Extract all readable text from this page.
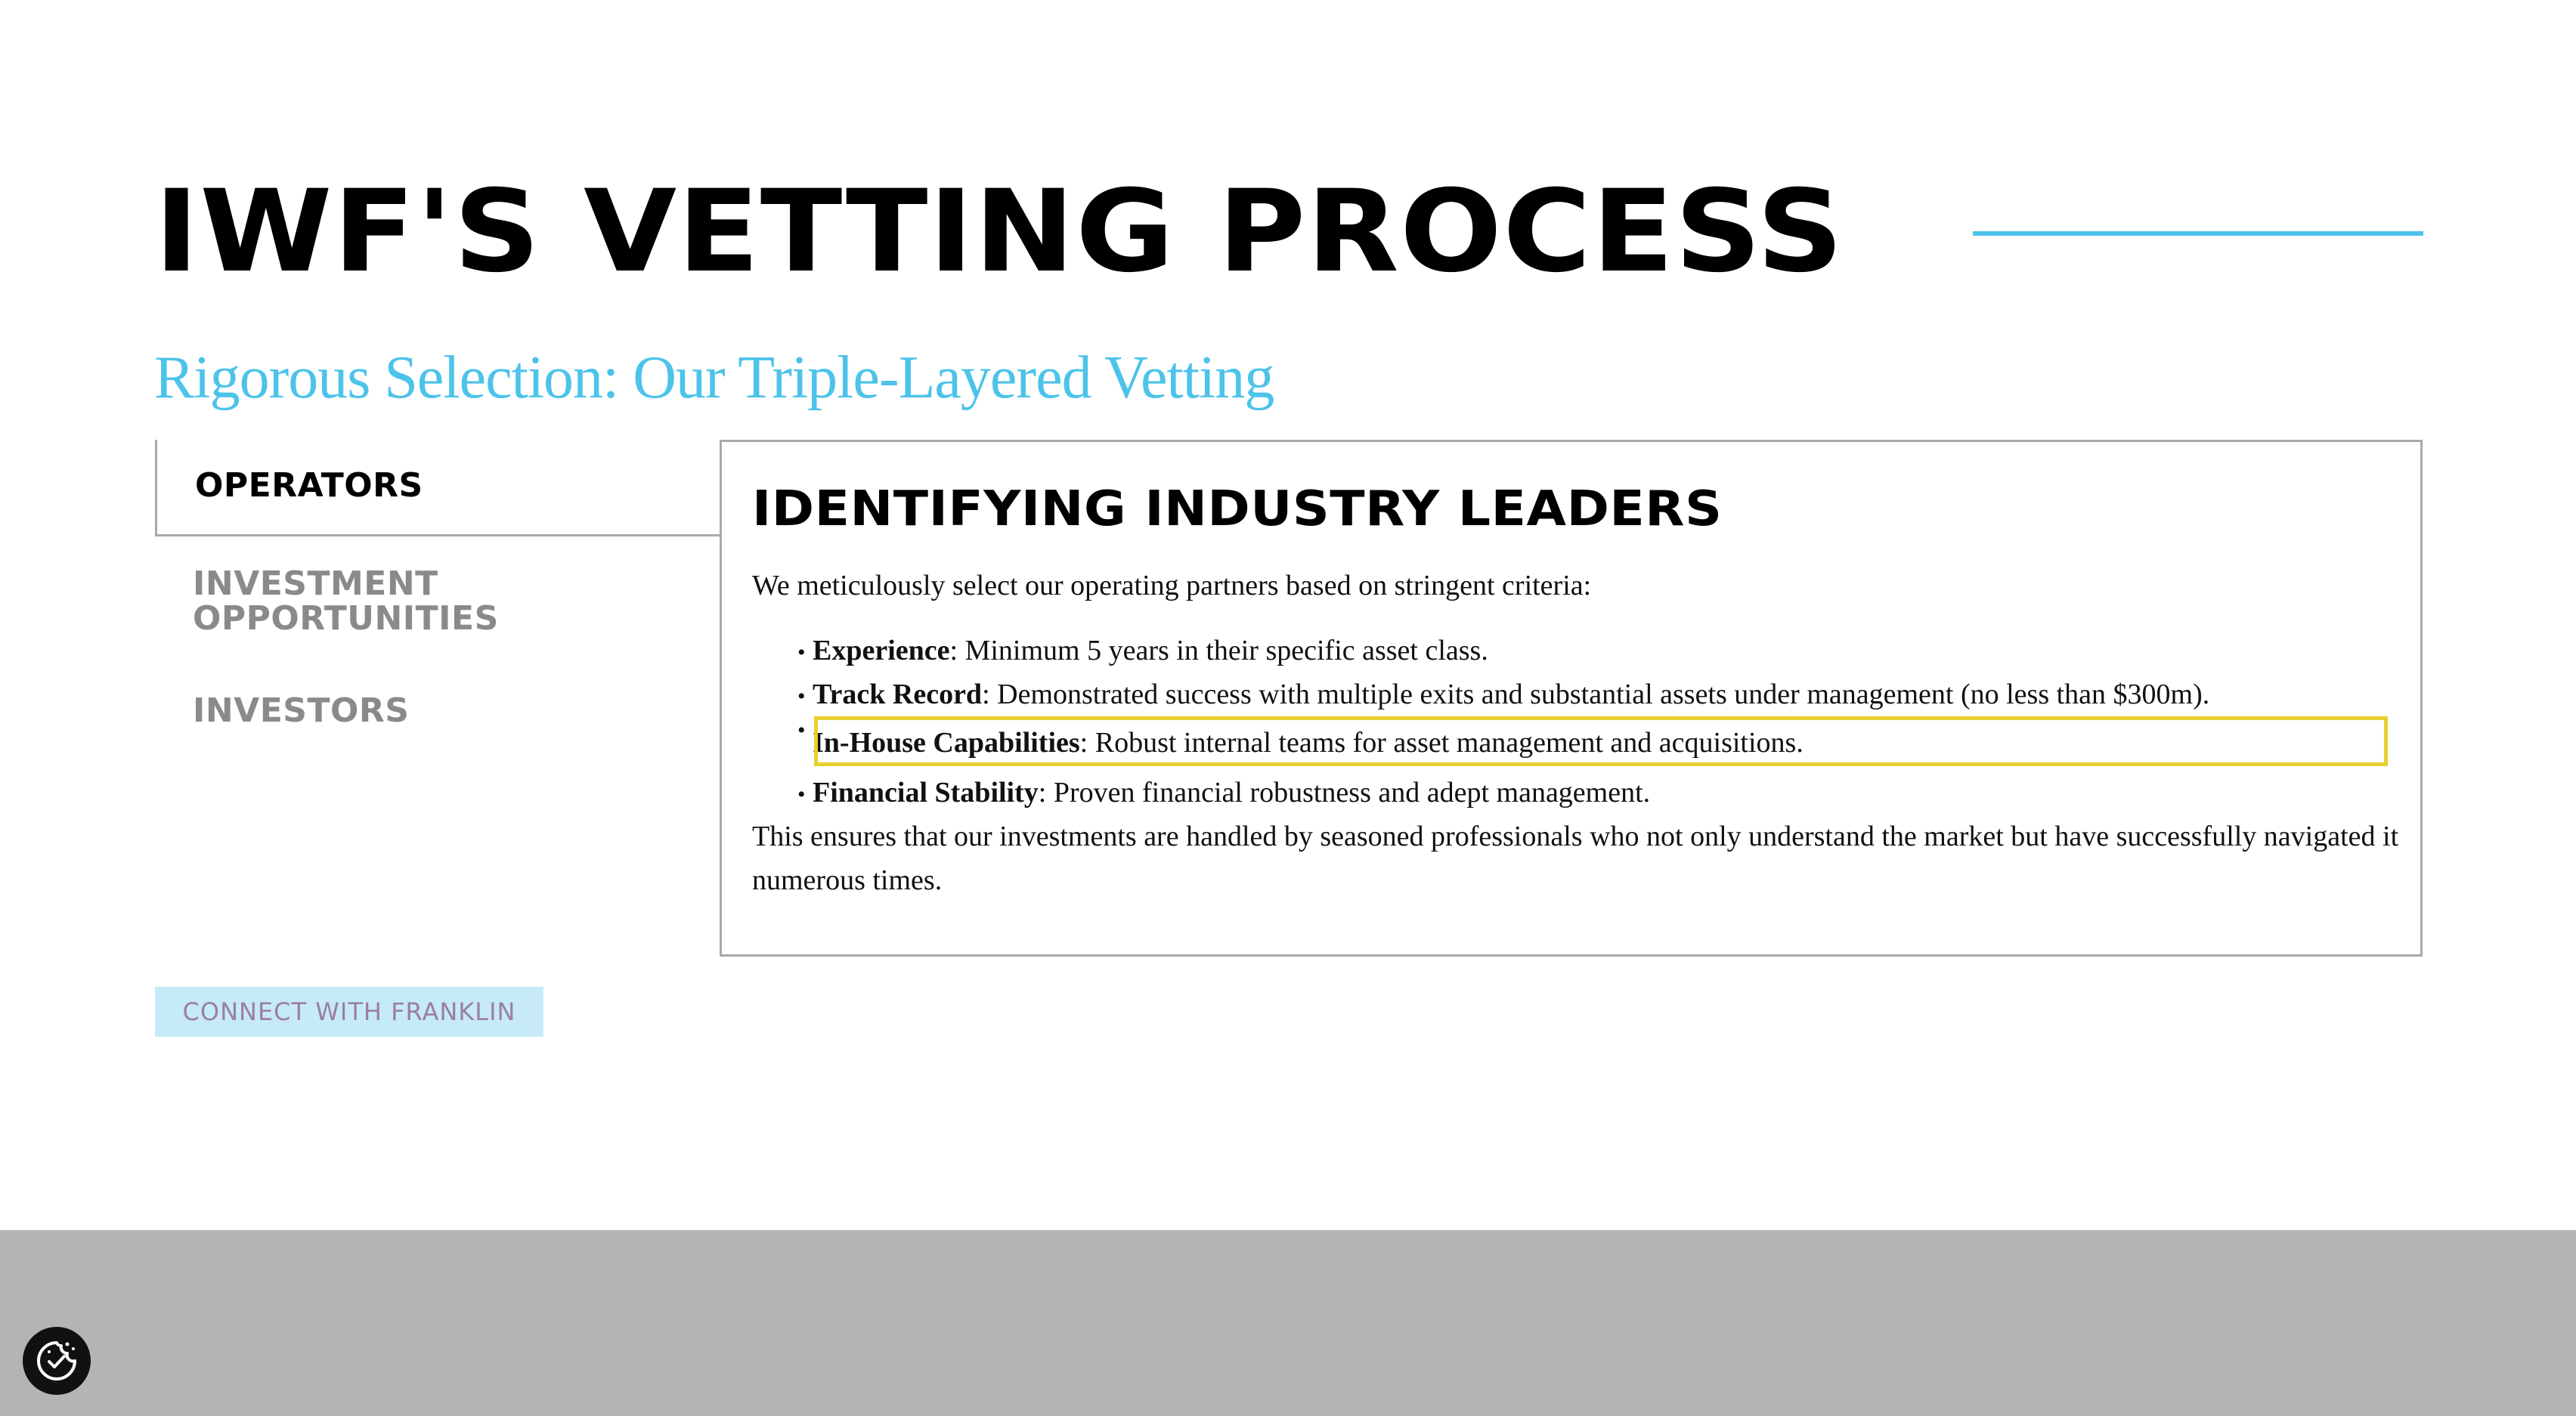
IWF'S VETTING PROCESS
Rigorous Selection: Our Triple-Layered Vetting
OPERATORS
INVESTMENT OPPORTUNITIES
INVESTORS
IDENTIFYING INDUSTRY LEADERS

We meticulously select our operating partners based on stringent criteria:

• Experience: Minimum 5 years in their specific asset class.
• Track Record: Demonstrated success with multiple exits and substantial assets under management (no less than $300m).
• In-House Capabilities: Robust internal teams for asset management and acquisitions.
• Financial Stability: Proven financial robustness and adept management.

This ensures that our investments are handled by seasoned professionals who not only understand the market but have successfully navigated it numerous times.

CONNECT WITH FRANKLIN
